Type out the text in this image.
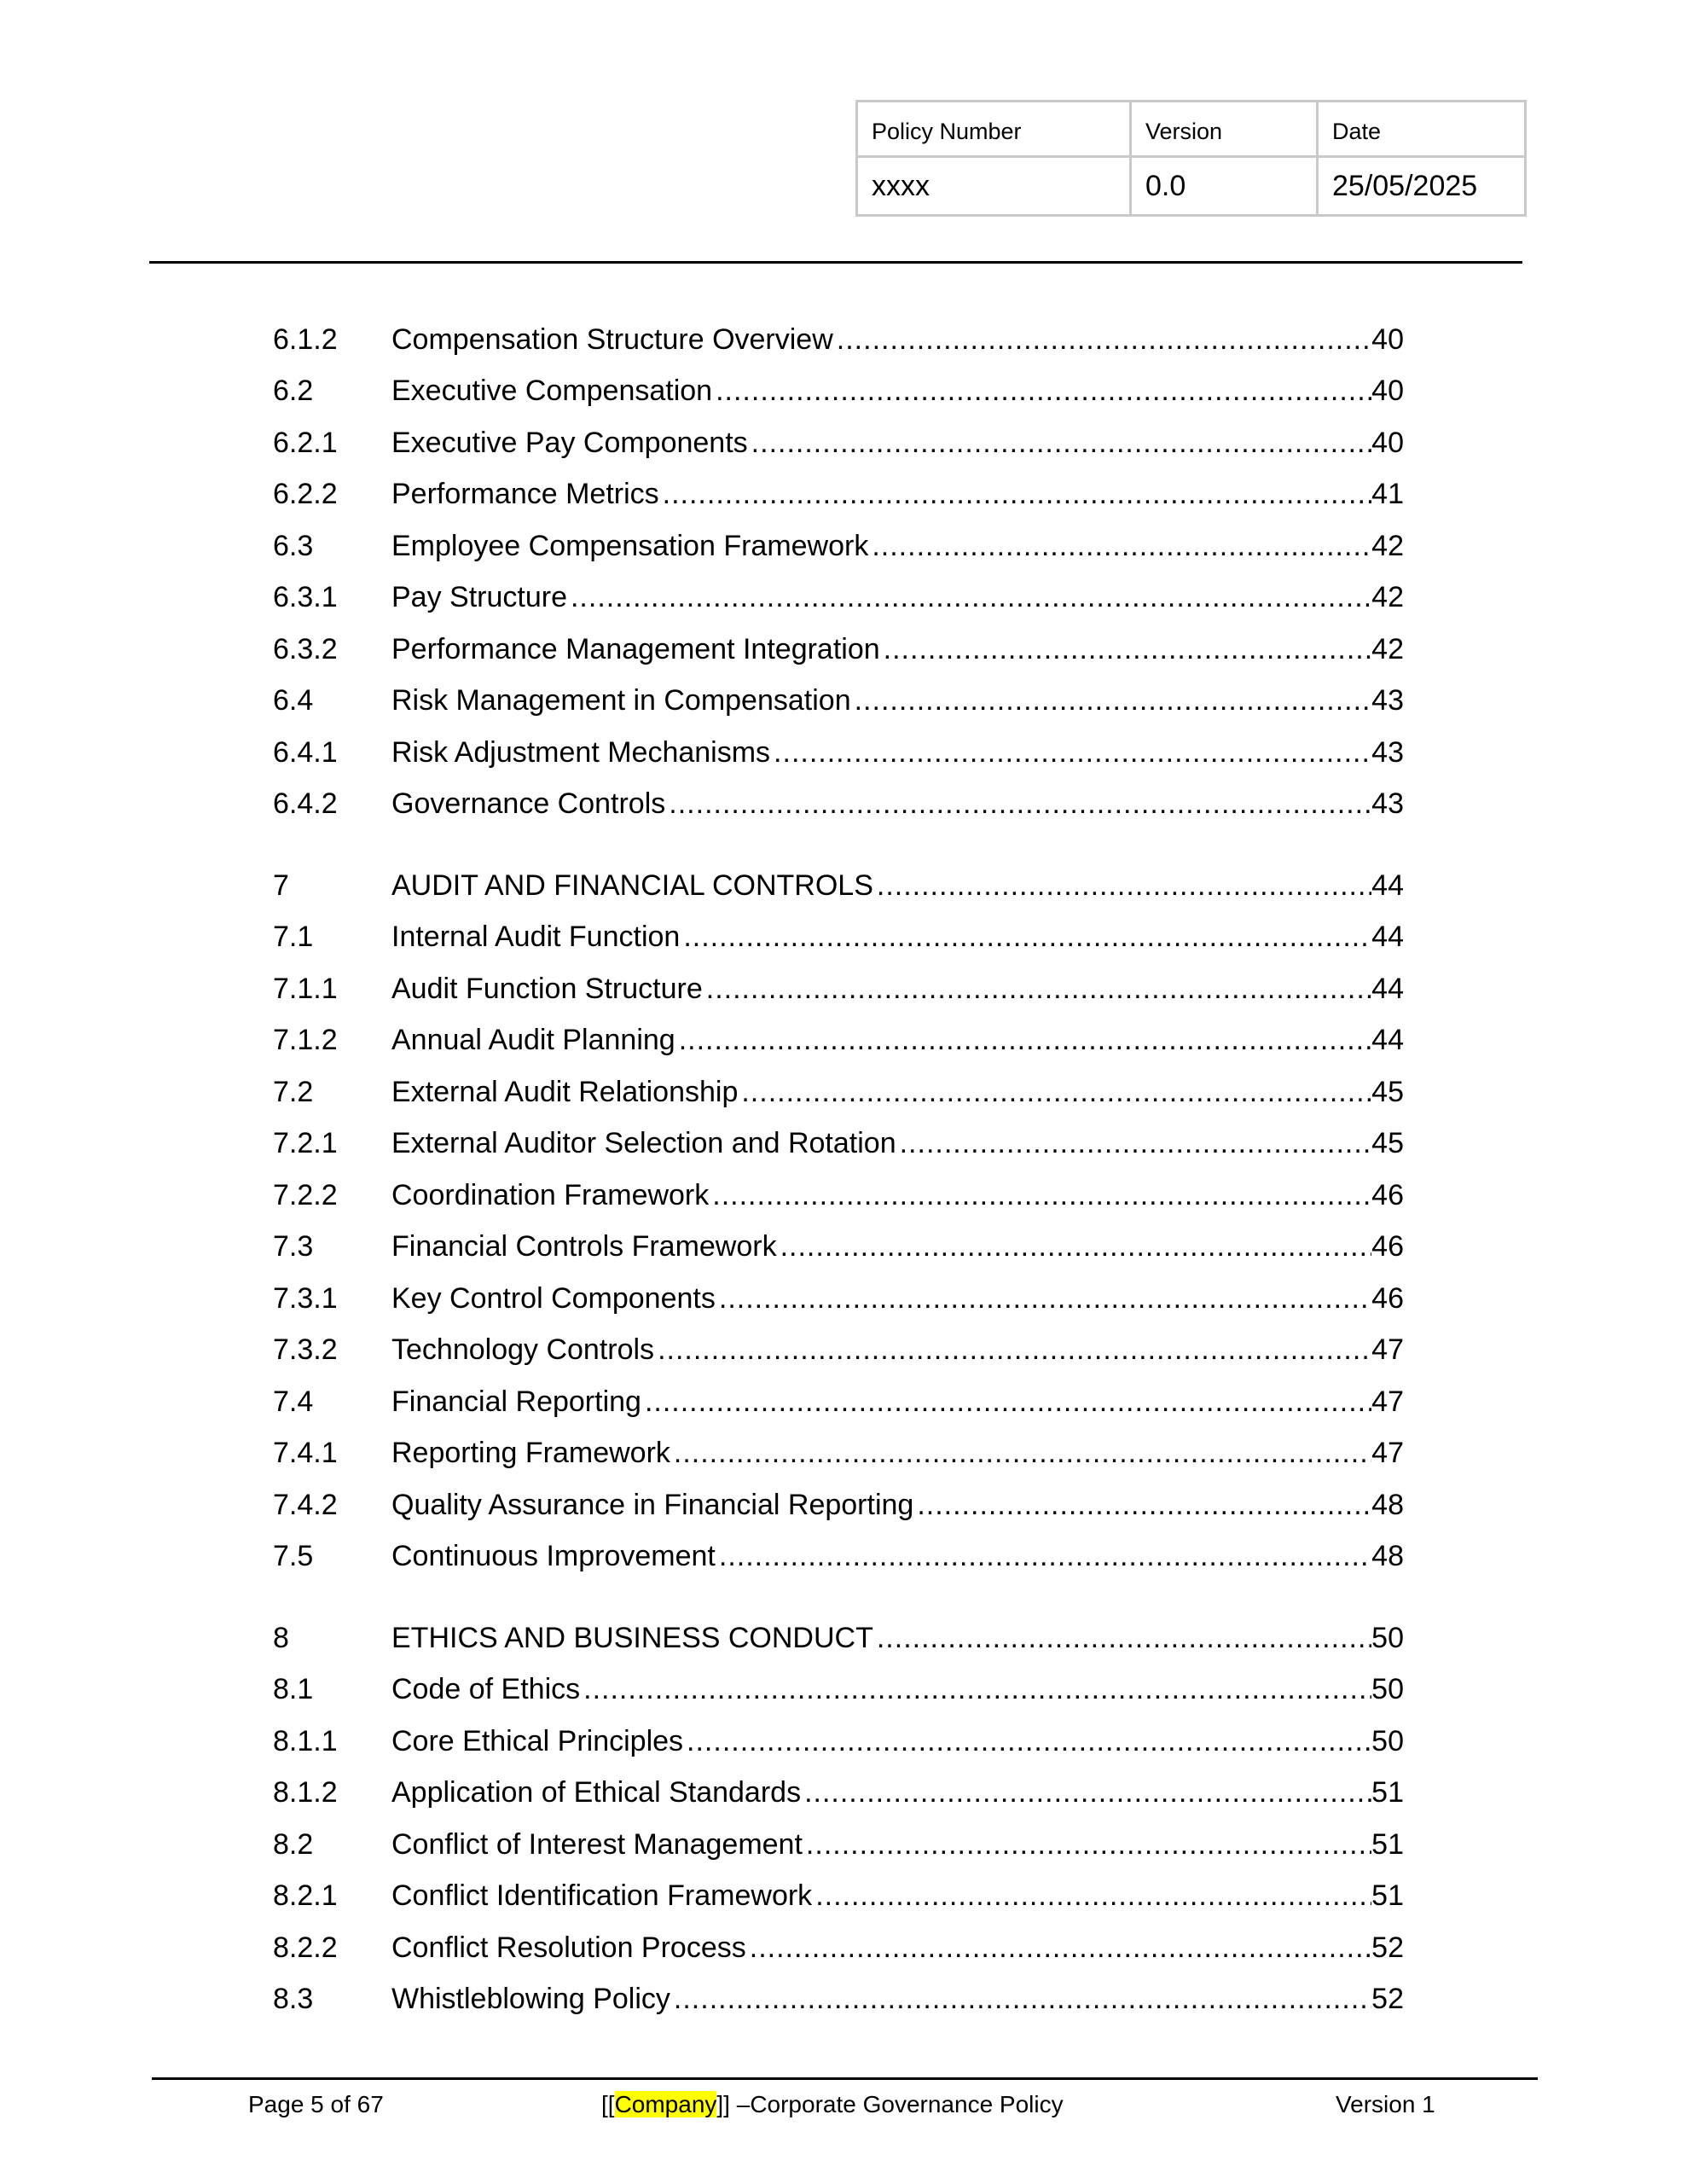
Policy Number	Version	Date
xxxx	0.0	25/05/2025
6.1.2	Compensation Structure Overview .....	40
6.2	Executive Compensation .....	40
6.2.1	Executive Pay Components .....	40
6.2.2	Performance Metrics .....	41
6.3	Employee Compensation Framework .....	42
6.3.1	Pay Structure .....	42
6.3.2	Performance Management Integration .....	42
6.4	Risk Management in Compensation .....	43
6.4.1	Risk Adjustment Mechanisms .....	43
6.4.2	Governance Controls .....	43
7	AUDIT AND FINANCIAL CONTROLS .....	44
7.1	Internal Audit Function .....	44
7.1.1	Audit Function Structure .....	44
7.1.2	Annual Audit Planning .....	44
7.2	External Audit Relationship .....	45
7.2.1	External Auditor Selection and Rotation .....	45
7.2.2	Coordination Framework .....	46
7.3	Financial Controls Framework .....	46
7.3.1	Key Control Components .....	46
7.3.2	Technology Controls .....	47
7.4	Financial Reporting .....	47
7.4.1	Reporting Framework .....	47
7.4.2	Quality Assurance in Financial Reporting .....	48
7.5	Continuous Improvement .....	48
8	ETHICS AND BUSINESS CONDUCT .....	50
8.1	Code of Ethics .....	50
8.1.1	Core Ethical Principles .....	50
8.1.2	Application of Ethical Standards .....	51
8.2	Conflict of Interest Management .....	51
8.2.1	Conflict Identification Framework .....	51
8.2.2	Conflict Resolution Process .....	52
8.3	Whistleblowing Policy .....	52
Page 5 of 67	[[Company]] –Corporate Governance Policy	Version 1
